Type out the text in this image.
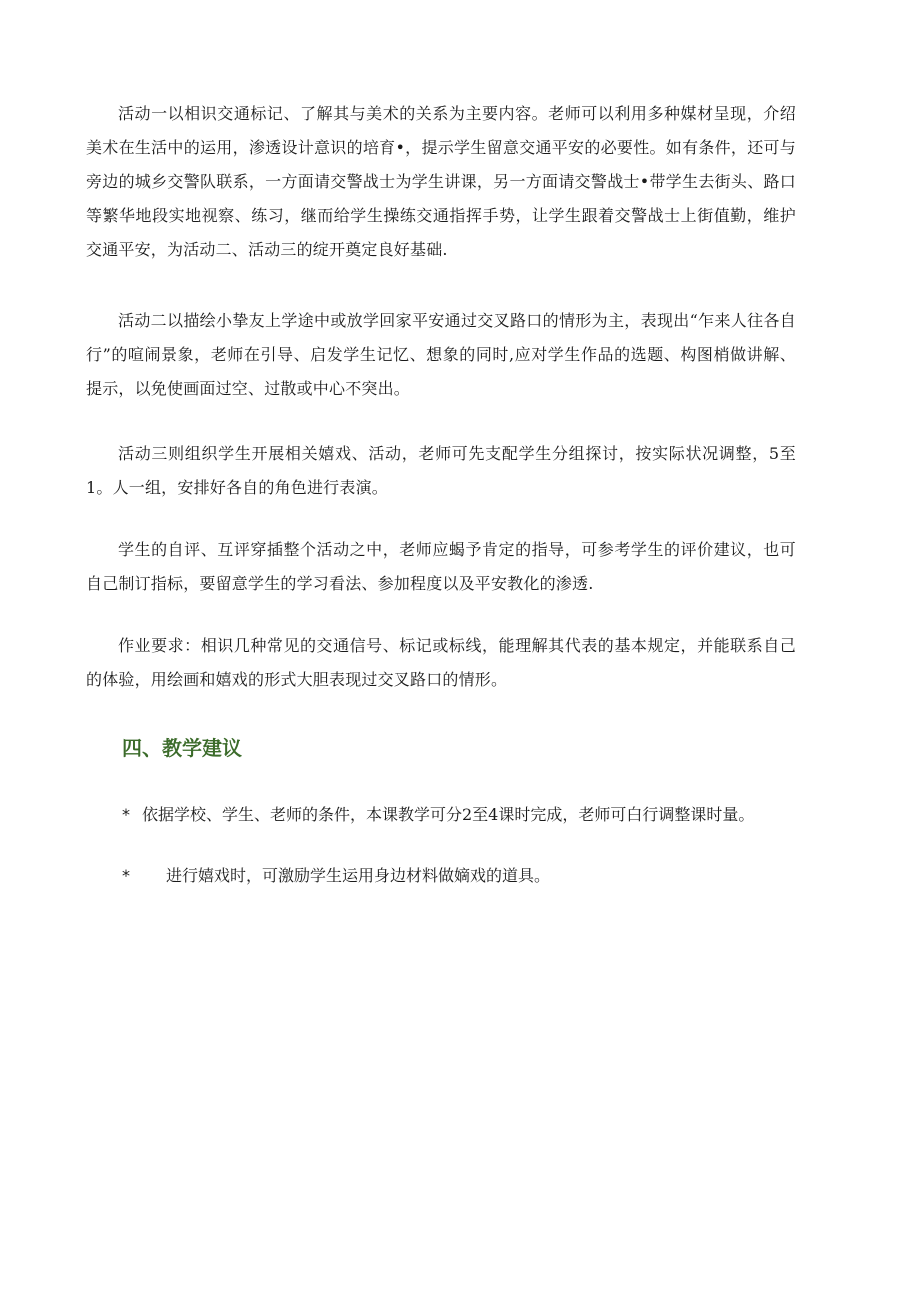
活动一以相识交通标记、了解其与美术的关系为主要内容。老师可以利用多种媒材呈现，介绍美术在生活中的运用，渗透设计意识的培育•，提示学生留意交通平安的必要性。如有条件，还可与旁边的城乡交警队联系，一方面请交警战士为学生讲课，另一方面请交警战士•带学生去街头、路口等繁华地段实地视察、练习，继而给学生操练交通指挥手势，让学生跟着交警战士上街值勤，维护交通平安，为活动二、活动三的绽开奠定良好基础.

活动二以描绘小挚友上学途中或放学回家平安通过交叉路口的情形为主，表现出“乍来人往各自行”的喧闹景象，老师在引导、启发学生记忆、想象的同时,应对学生作品的选题、构图梢做讲解、提示，以免使画面过空、过散或中心不突出。

活动三则组织学生开展相关嬉戏、活动，老师可先支配学生分组探讨，按实际状况调整，5至1。人一组，安排好各自的角色进行表演。

学生的自评、互评穿插整个活动之中，老师应蝎予肯定的指导，可参考学生的评价建议，也可自己制订指标，要留意学生的学习看法、参加程度以及平安教化的渗透.

作业要求：相识几种常见的交通信号、标记或标线，能理解其代表的基本规定，并能联系自己的体验，用绘画和嬉戏的形式大胆表现过交叉路口的情形。

四、教学建议
* 依据学校、学生、老师的条件，本课教学可分2至4课时完成，老师可白行调整课时量。
*	进行嬉戏时，可激励学生运用身边材料做嫡戏的道具。
